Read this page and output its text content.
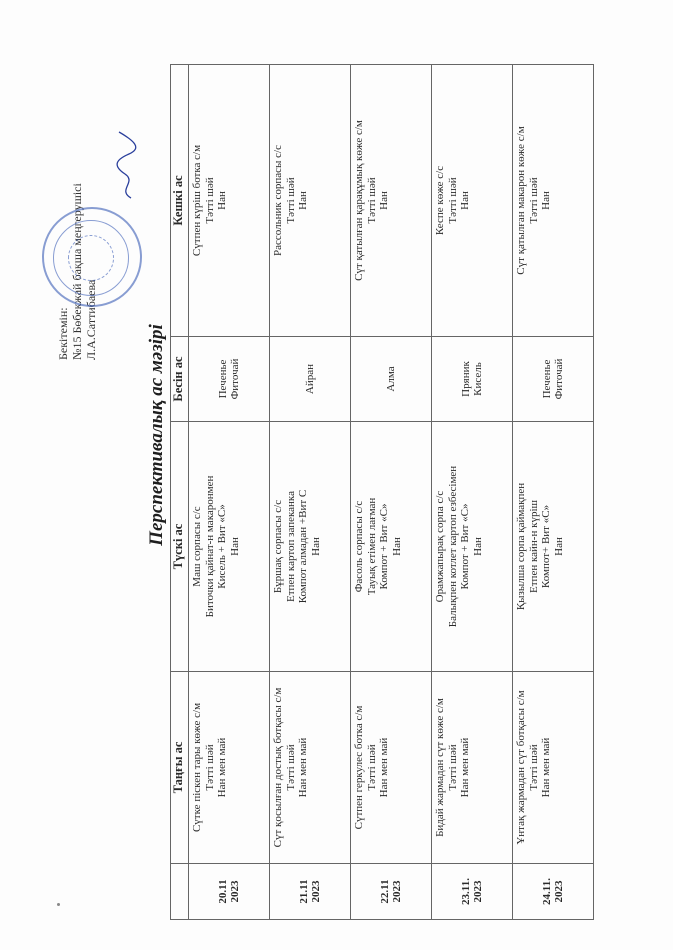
Бекітемін: №15 Бөбекжай бақша меңгерушісі Л.А.Саттибаева
Перспективалық ас мәзірі
	Таңғы ас	Түскі ас	Бесін ас	Кешкі ас

20.11 2023	Сүтке піскен тары көже с/м Тәтті шәй Нан мен май	Маш сорпасы с/с Биточки қайнат-н макаронмен Кисель + Вит «С» Нан	Печенье Фиточай	Сүтпен күріш ботка с/м Тәтті шәй Нан

21.11 2023	Сүт қосылған достық ботқасы с/м Тәтті шәй Нан мен май	Бұршақ сорпасы с/с Етпен картоп запеканка Компот алмадан +Вит С Нан	Айран	Рассольник сорпасы с/с Тәтті шәй Нан

22.11 2023	Сүтпен геркулес ботка с/м Тәтті шәй Нан мен май	Фасоль сорпасы с/с Тауық етімен лағман Компот + Вит «С» Нан	Алма	Сүт қатылған қарақұмық көже с/м Тәтті шәй Нан

23.11. 2023	Бидай жармадан сүт көже с/м Тәтті шәй Нан мен май	Орамжапырақ сорпа с/с Балықпен котлет картоп езбесімен Компот + Вит «С» Нан	Пряник Кисель	Кеспе көже с/с Тәтті шәй Нан

24.11. 2023	Ұнтақ жармадан сүт ботқасы с/м Тәтті шәй Нан мен май	Қызылша сорпа қаймақпен Етпен кайн-н күріш Компот+ Вит «С» Нан	Печенье Фиточай	Сүт қатылған макарон көже с/м Тәтті шәй Нан
